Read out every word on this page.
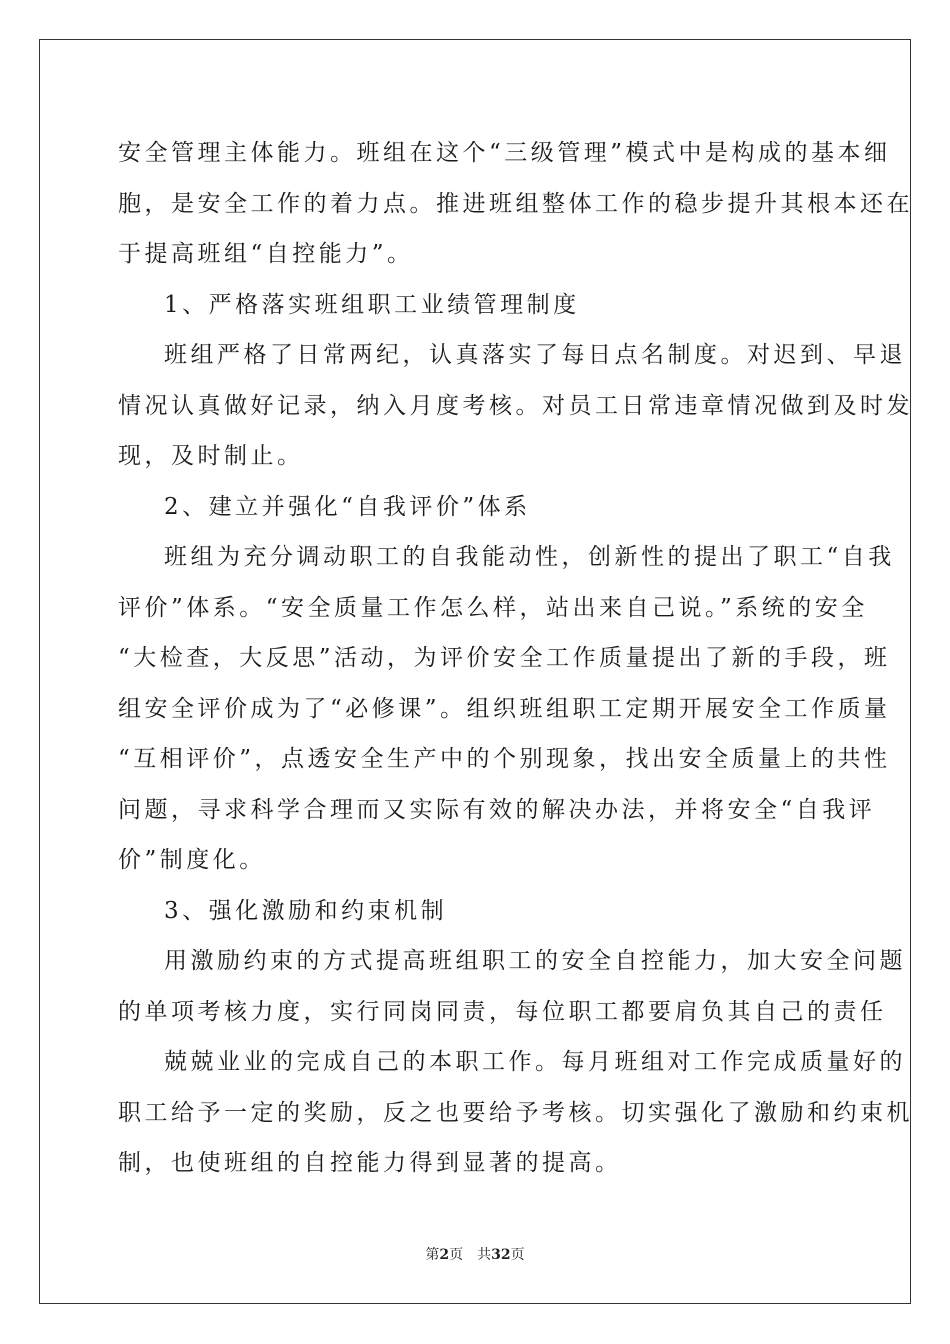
安全管理主体能力。班组在这个“三级管理”模式中是构成的基本细
胞，是安全工作的着力点。推进班组整体工作的稳步提升其根本还在
于提高班组“自控能力”。
1、严格落实班组职工业绩管理制度
班组严格了日常两纪，认真落实了每日点名制度。对迟到、早退
情况认真做好记录，纳入月度考核。对员工日常违章情况做到及时发
现，及时制止。
2、建立并强化“自我评价”体系
班组为充分调动职工的自我能动性，创新性的提出了职工“自我
评价”体系。“安全质量工作怎么样，站出来自己说。”系统的安全
“大检查，大反思”活动，为评价安全工作质量提出了新的手段，班
组安全评价成为了“必修课”。组织班组职工定期开展安全工作质量
“互相评价”，点透安全生产中的个别现象，找出安全质量上的共性
问题，寻求科学合理而又实际有效的解决办法，并将安全“自我评
价”制度化。
3、强化激励和约束机制
用激励约束的方式提高班组职工的安全自控能力，加大安全问题
的单项考核力度，实行同岗同责，每位职工都要肩负其自己的责任
兢兢业业的完成自己的本职工作。每月班组对工作完成质量好的
职工给予一定的奖励，反之也要给予考核。切实强化了激励和约束机
制，也使班组的自控能力得到显著的提高。
第2页 共32页
